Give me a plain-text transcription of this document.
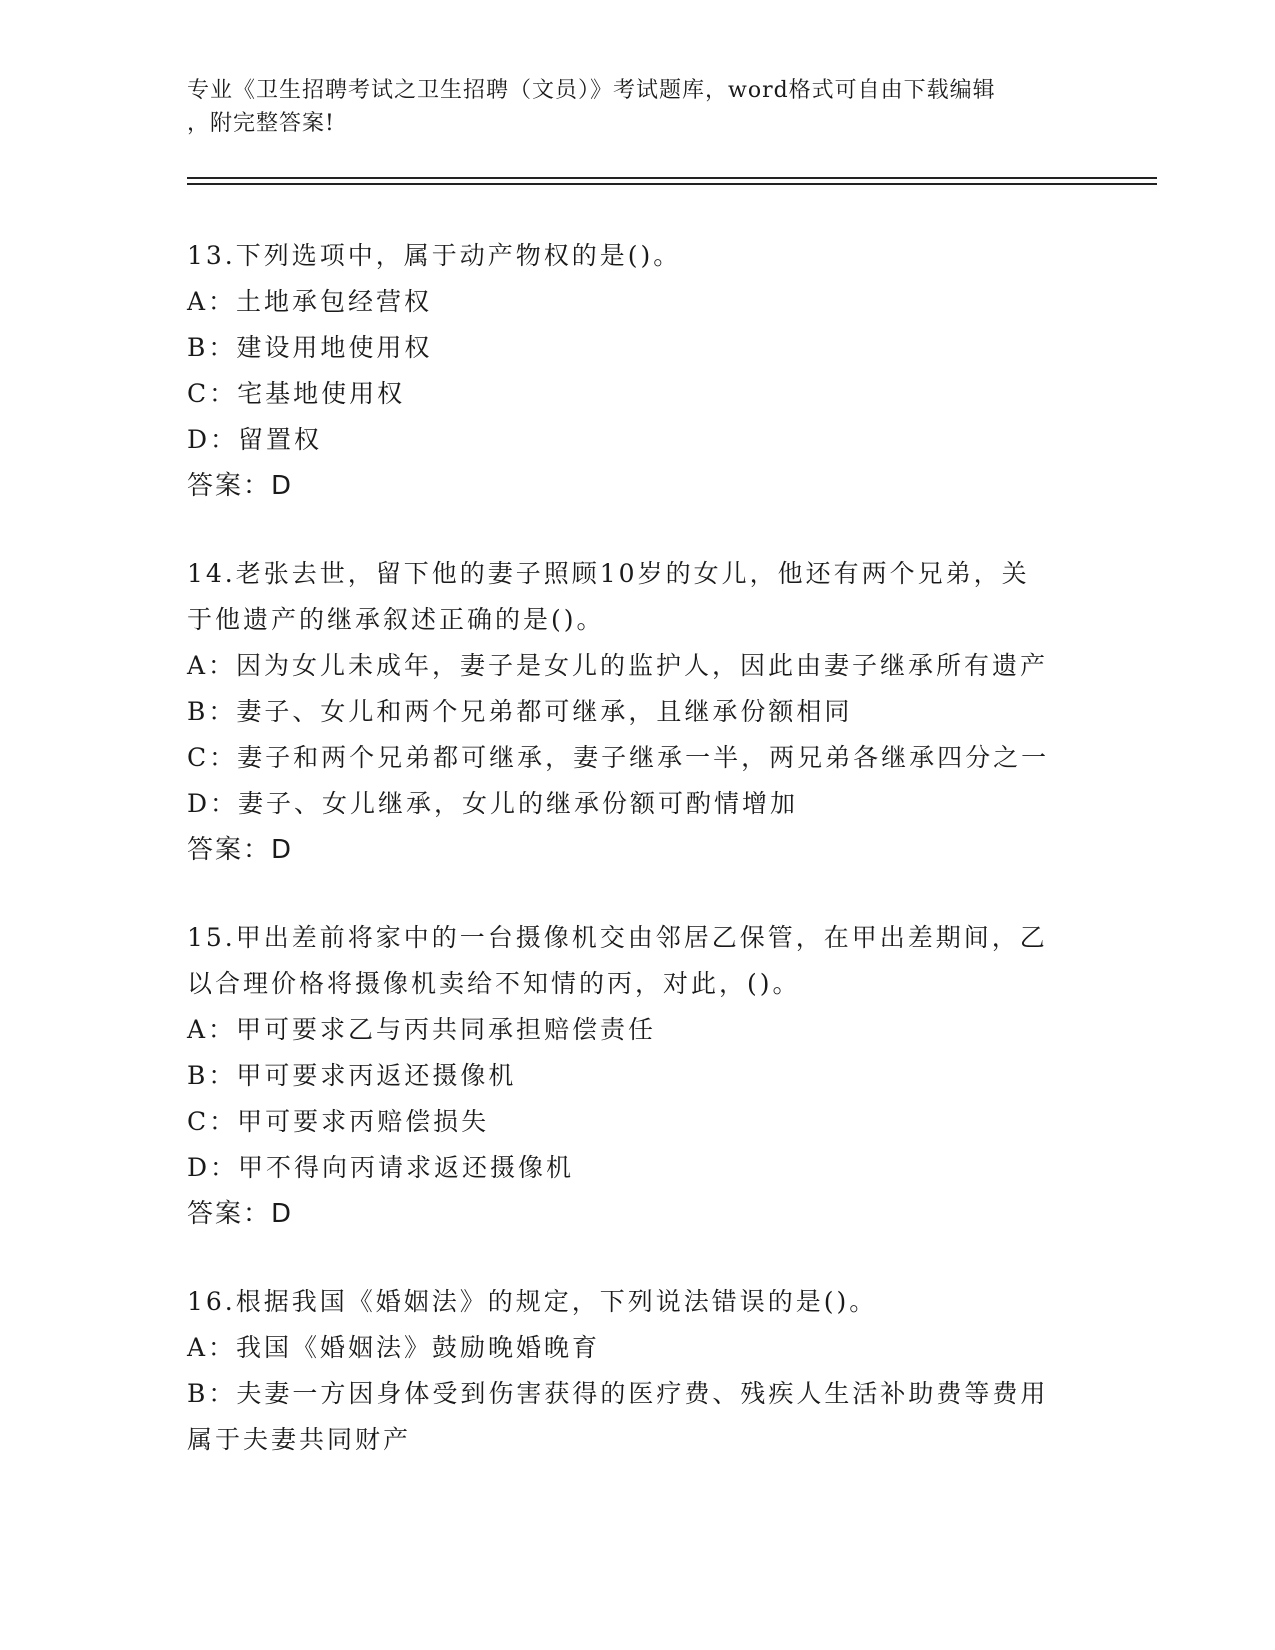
专业《卫生招聘考试之卫生招聘（文员）》考试题库，word格式可自由下载编辑
，附完整答案!
13.下列选项中，属于动产物权的是()。
A：土地承包经营权
B：建设用地使用权
C：宅基地使用权
D：留置权
答案：D
14.老张去世，留下他的妻子照顾10岁的女儿，他还有两个兄弟，关
于他遗产的继承叙述正确的是()。
A：因为女儿未成年，妻子是女儿的监护人，因此由妻子继承所有遗产
B：妻子、女儿和两个兄弟都可继承，且继承份额相同
C：妻子和两个兄弟都可继承，妻子继承一半，两兄弟各继承四分之一
D：妻子、女儿继承，女儿的继承份额可酌情增加
答案：D
15.甲出差前将家中的一台摄像机交由邻居乙保管，在甲出差期间，乙
以合理价格将摄像机卖给不知情的丙，对此，()。
A：甲可要求乙与丙共同承担赔偿责任
B：甲可要求丙返还摄像机
C：甲可要求丙赔偿损失
D：甲不得向丙请求返还摄像机
答案：D
16.根据我国《婚姻法》的规定，下列说法错误的是()。
A：我国《婚姻法》鼓励晚婚晚育
B：夫妻一方因身体受到伤害获得的医疗费、残疾人生活补助费等费用
属于夫妻共同财产
